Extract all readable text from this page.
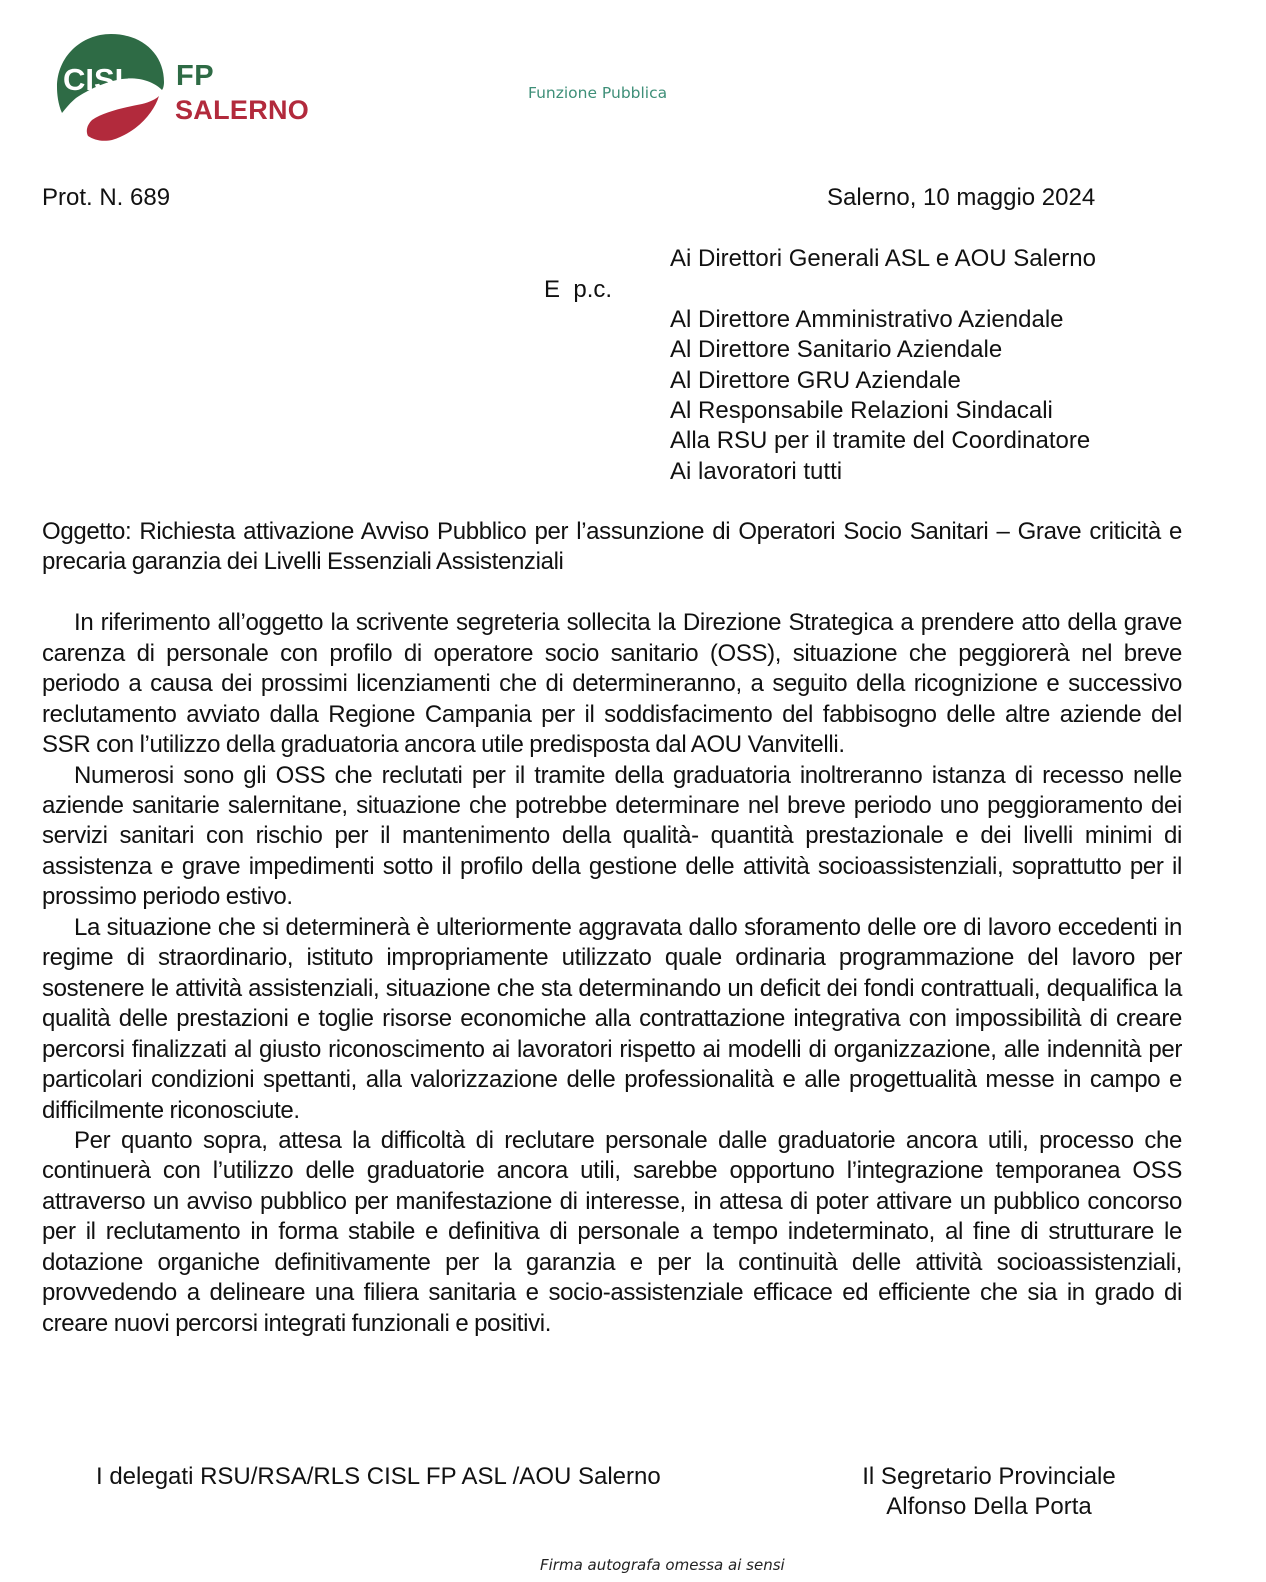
CISL FP
SALERNO
Funzione Pubblica
Prot. N. 689	Salerno, 10 maggio 2024
E  p.c.
Ai Direttori Generali ASL e AOU Salerno
Al Direttore Amministrativo Aziendale
Al Direttore Sanitario Aziendale
Al Direttore GRU Aziendale
Al Responsabile Relazioni Sindacali
Alla RSU per il tramite del Coordinatore
Ai lavoratori tutti

Oggetto: Richiesta attivazione Avviso Pubblico per l’assunzione di Operatori Socio Sanitari – Grave criticità e precaria garanzia dei Livelli Essenziali Assistenziali

In riferimento all’oggetto la scrivente segreteria sollecita la Direzione Strategica a prendere atto della grave carenza di personale con profilo di operatore socio sanitario (OSS), situazione che peggiorerà nel breve periodo a causa dei prossimi licenziamenti che di determineranno, a seguito della ricognizione e successivo reclutamento avviato dalla Regione Campania per il soddisfacimento del fabbisogno delle altre aziende del SSR con l’utilizzo della graduatoria ancora utile predisposta dal AOU Vanvitelli.

Numerosi sono gli OSS che reclutati per il tramite della graduatoria inoltreranno istanza di recesso nelle aziende sanitarie salernitane, situazione che potrebbe determinare nel breve periodo uno peggioramento dei servizi sanitari con rischio per il mantenimento della qualità- quantità prestazionale e dei livelli minimi di assistenza e grave impedimenti sotto il profilo della gestione delle attività socioassistenziali, soprattutto per il prossimo periodo estivo.

La situazione che si determinerà è ulteriormente aggravata dallo sforamento delle ore di lavoro eccedenti in regime di straordinario, istituto impropriamente utilizzato quale ordinaria programmazione del lavoro per sostenere le attività assistenziali, situazione che sta determinando un deficit dei fondi contrattuali, dequalifica la qualità delle prestazioni e toglie risorse economiche alla contrattazione integrativa con impossibilità di creare percorsi finalizzati al giusto riconoscimento ai lavoratori rispetto ai modelli di organizzazione, alle indennità per particolari condizioni spettanti, alla valorizzazione delle professionalità e alle progettualità messe in campo e difficilmente riconosciute.

Per quanto sopra, attesa la difficoltà di reclutare personale dalle graduatorie ancora utili, processo che continuerà con l’utilizzo delle graduatorie ancora utili, sarebbe opportuno l’integrazione temporanea OSS attraverso un avviso pubblico per manifestazione di interesse, in attesa di poter attivare un pubblico concorso per il reclutamento in forma stabile e definitiva di personale a tempo indeterminato, al fine di strutturare le dotazione organiche definitivamente per la garanzia e per la continuità delle attività socioassistenziali, provvedendo a delineare una filiera sanitaria e socio-assistenziale efficace ed efficiente che sia in grado di creare nuovi percorsi integrati funzionali e positivi.

I delegati RSU/RSA/RLS CISL FP ASL /AOU Salerno	Il Segretario Provinciale
Alfonso Della Porta
Firma autografa omessa ai sensi
